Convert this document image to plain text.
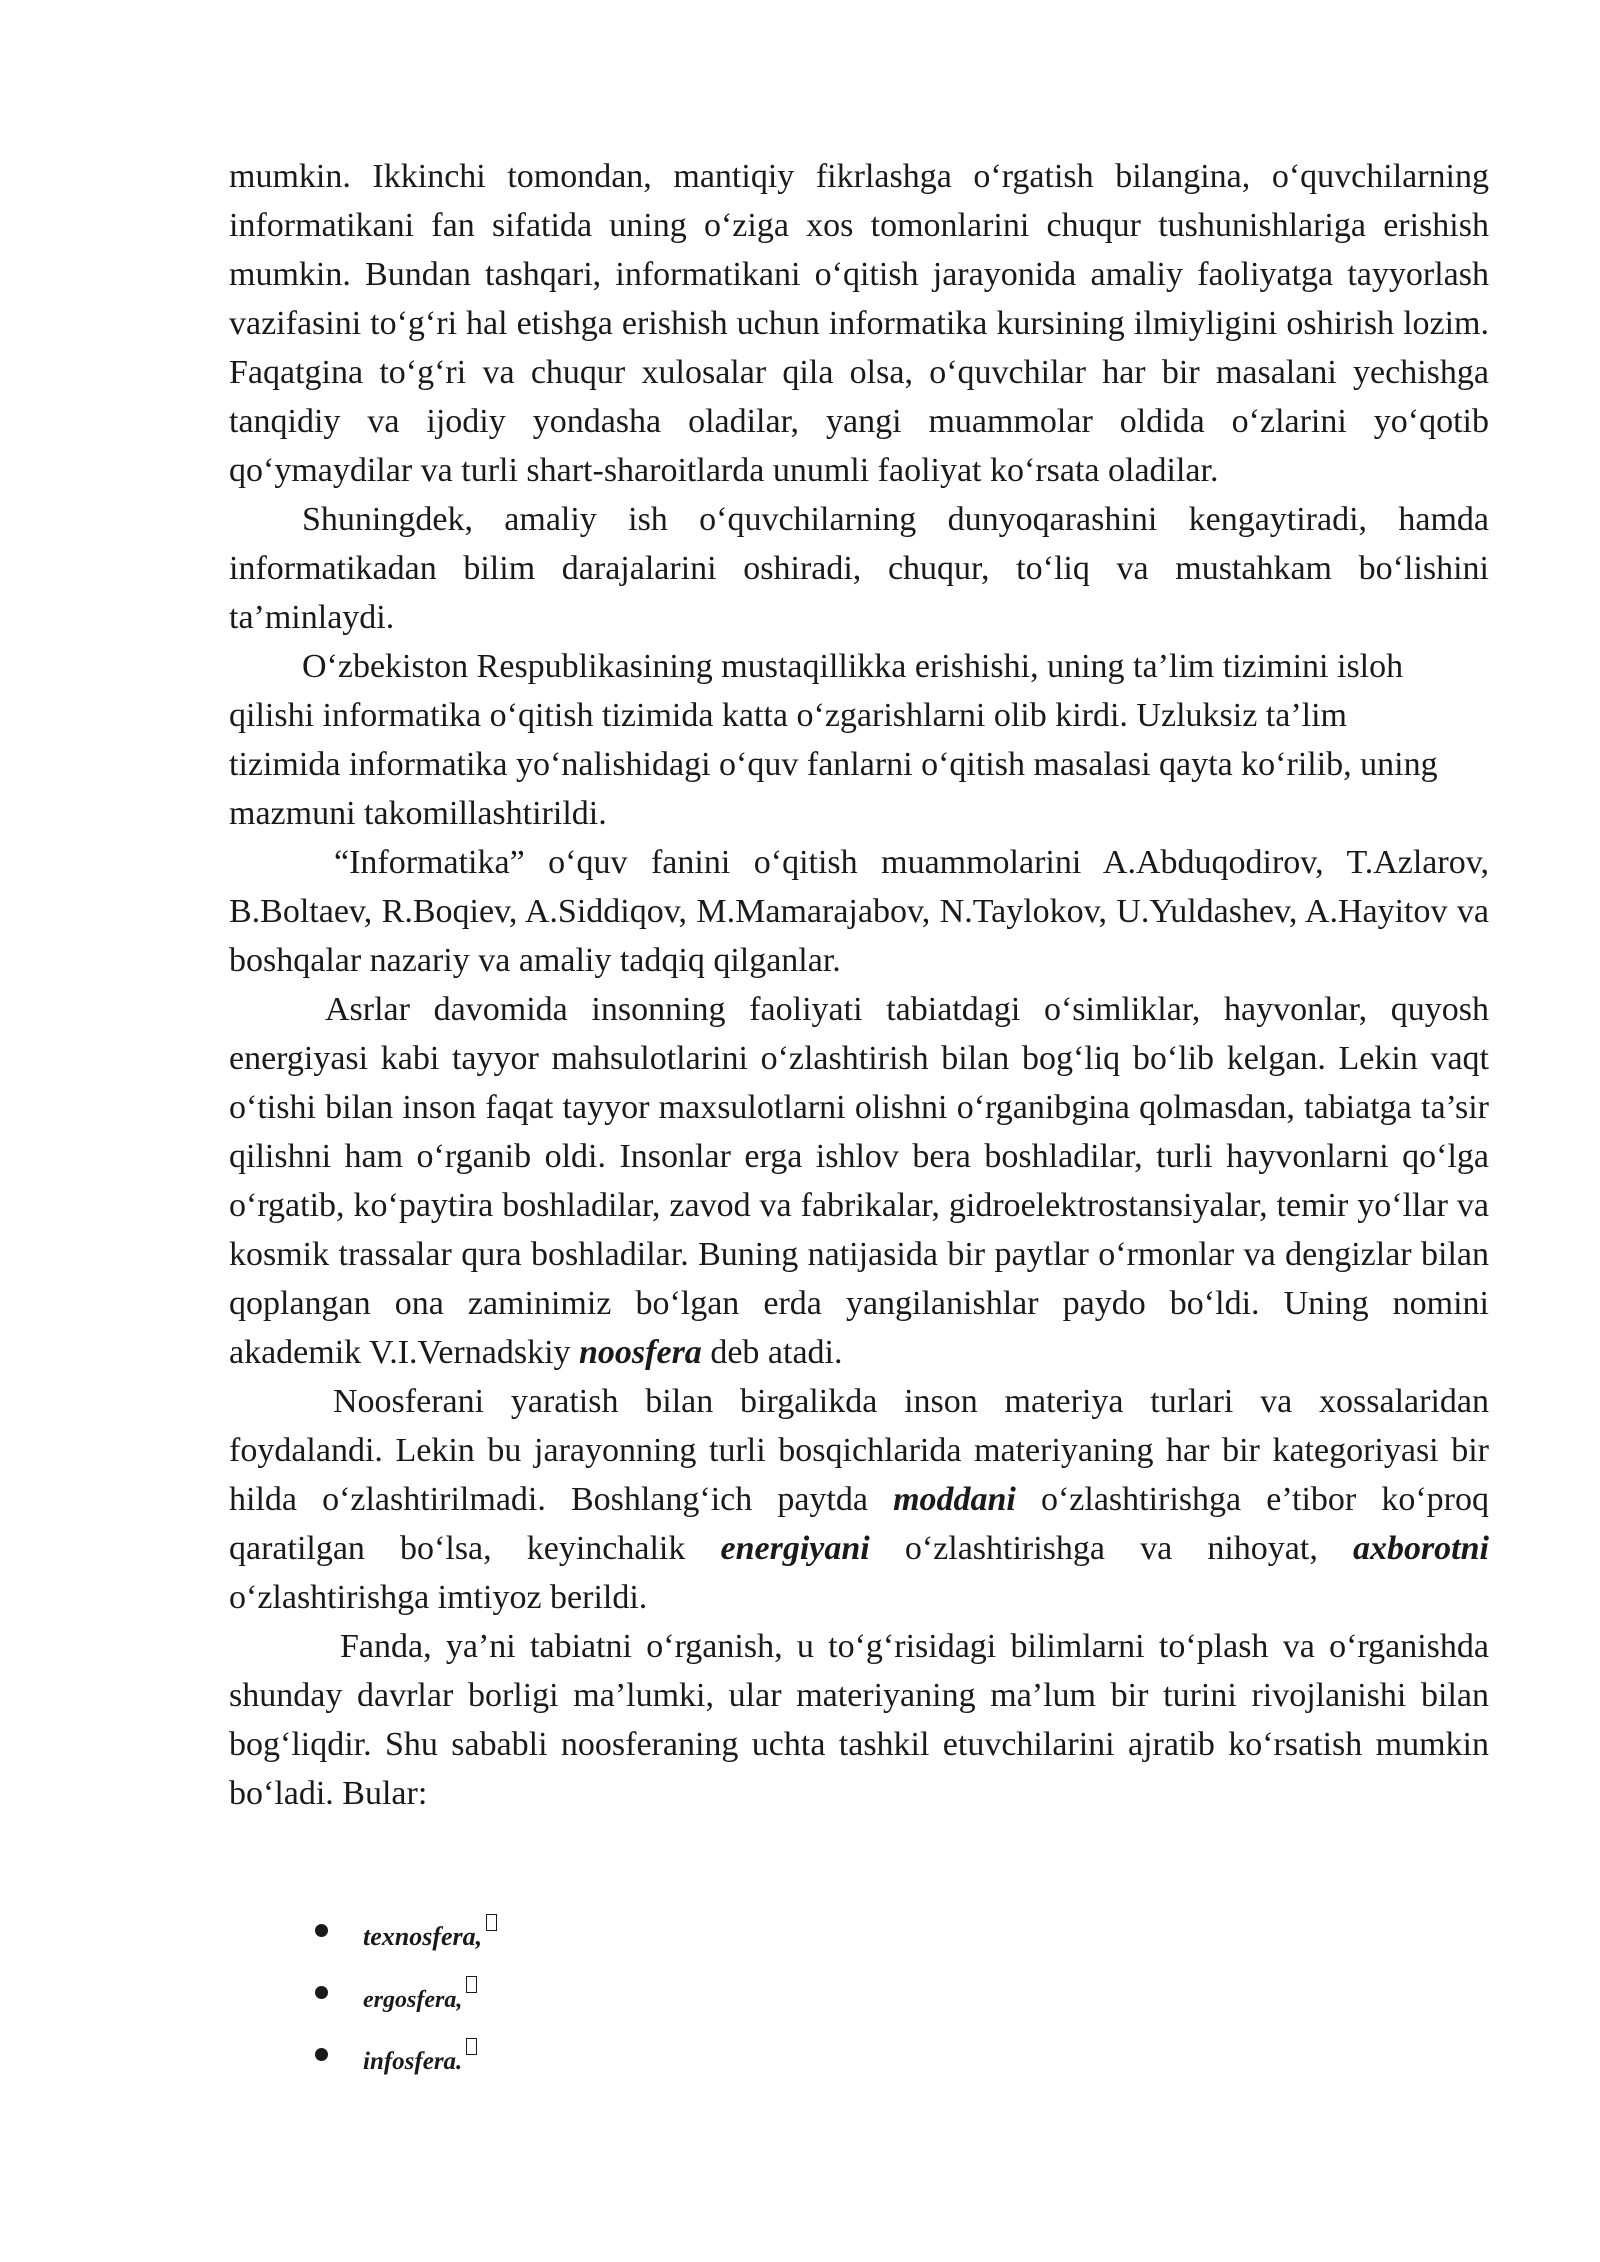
mumkin. Ikkinchi tomondan, mantiqiy fikrlashga o‘rgatish bilangina, o‘quvchilarning informatikani fan sifatida uning o‘ziga xos tomonlarini chuqur tushunishlariga erishish mumkin. Bundan tashqari, informatikani o‘qitish jarayonida amaliy faoliyatga tayyorlash vazifasini to‘g‘ri hal etishga erishish uchun informatika kursining ilmiyligini oshirish lozim. Faqatgina to‘g‘ri va chuqur xulosalar qila olsa, o‘quvchilar har bir masalani yechishga tanqidiy va ijodiy yondasha oladilar, yangi muammolar oldida o‘zlarini yo‘qotib qo‘ymaydilar va turli shart-sharoitlarda unumli faoliyat ko‘rsata oladilar.

Shuningdek, amaliy ish o‘quvchilarning dunyoqarashini kengaytiradi, hamda informatikadan bilim darajalarini oshiradi, chuqur, to‘liq va mustahkam bo‘lishini ta’minlaydi.

O‘zbekiston Respublikasining mustaqillikka erishishi, uning ta’lim tizimini isloh qilishi informatika o‘qitish tizimida katta o‘zgarishlarni olib kirdi. Uzluksiz ta’lim tizimida informatika yo‘nalishidagi o‘quv fanlarni o‘qitish masalasi qayta ko‘rilib, uning mazmuni takomillashtirildi.

“Informatika” o‘quv fanini o‘qitish muammolarini A.Abduqodirov, T.Azlarov, B.Boltaev, R.Boqiev, A.Siddiqov, M.Mamarajabov, N.Taylokov, U.Yuldashev, A.Hayitov va boshqalar nazariy va amaliy tadqiq qilganlar.

Asrlar davomida insonning faoliyati tabiatdagi o‘simliklar, hayvonlar, quyosh energiyasi kabi tayyor mahsulotlarini o‘zlashtirish bilan bog‘liq bo‘lib kelgan. Lekin vaqt o‘tishi bilan inson faqat tayyor maxsulotlarni olishni o‘rganibgina qolmasdan, tabiatga ta’sir qilishni ham o‘rganib oldi. Insonlar erga ishlov bera boshladilar, turli hayvonlarni qo‘lga o‘rgatib, ko‘paytira boshladilar, zavod va fabrikalar, gidroelektrostansiyalar, temir yo‘llar va kosmik trassalar qura boshladilar. Buning natijasida bir paytlar o‘rmonlar va dengizlar bilan qoplangan ona zaminimiz bo‘lgan erda yangilanishlar paydo bo‘ldi. Uning nomini akademik V.I.Vernadskiy noosfera deb atadi.

Noosferani yaratish bilan birgalikda inson materiya turlari va xossalaridan foydalandi. Lekin bu jarayonning turli bosqichlarida materiyaning har bir kategoriyasi bir hilda o‘zlashtirilmadi. Boshlang‘ich paytda moddani o‘zlashtirishga e’tibor ko‘proq qaratilgan bo‘lsa, keyinchalik energiyani o‘zlashtirishga va nihoyat, axborotni o‘zlashtirishga imtiyoz berildi.

Fanda, ya’ni tabiatni o‘rganish, u to‘g‘risidagi bilimlarni to‘plash va o‘rganishda shunday davrlar borligi ma’lumki, ular materiyaning ma’lum bir turini rivojlanishi bilan bog‘liqdir. Shu sababli noosferaning uchta tashkil etuvchilarini ajratib ko‘rsatish mumkin bo‘ladi. Bular:

texnosfera,
ergosfera,
infosfera.
